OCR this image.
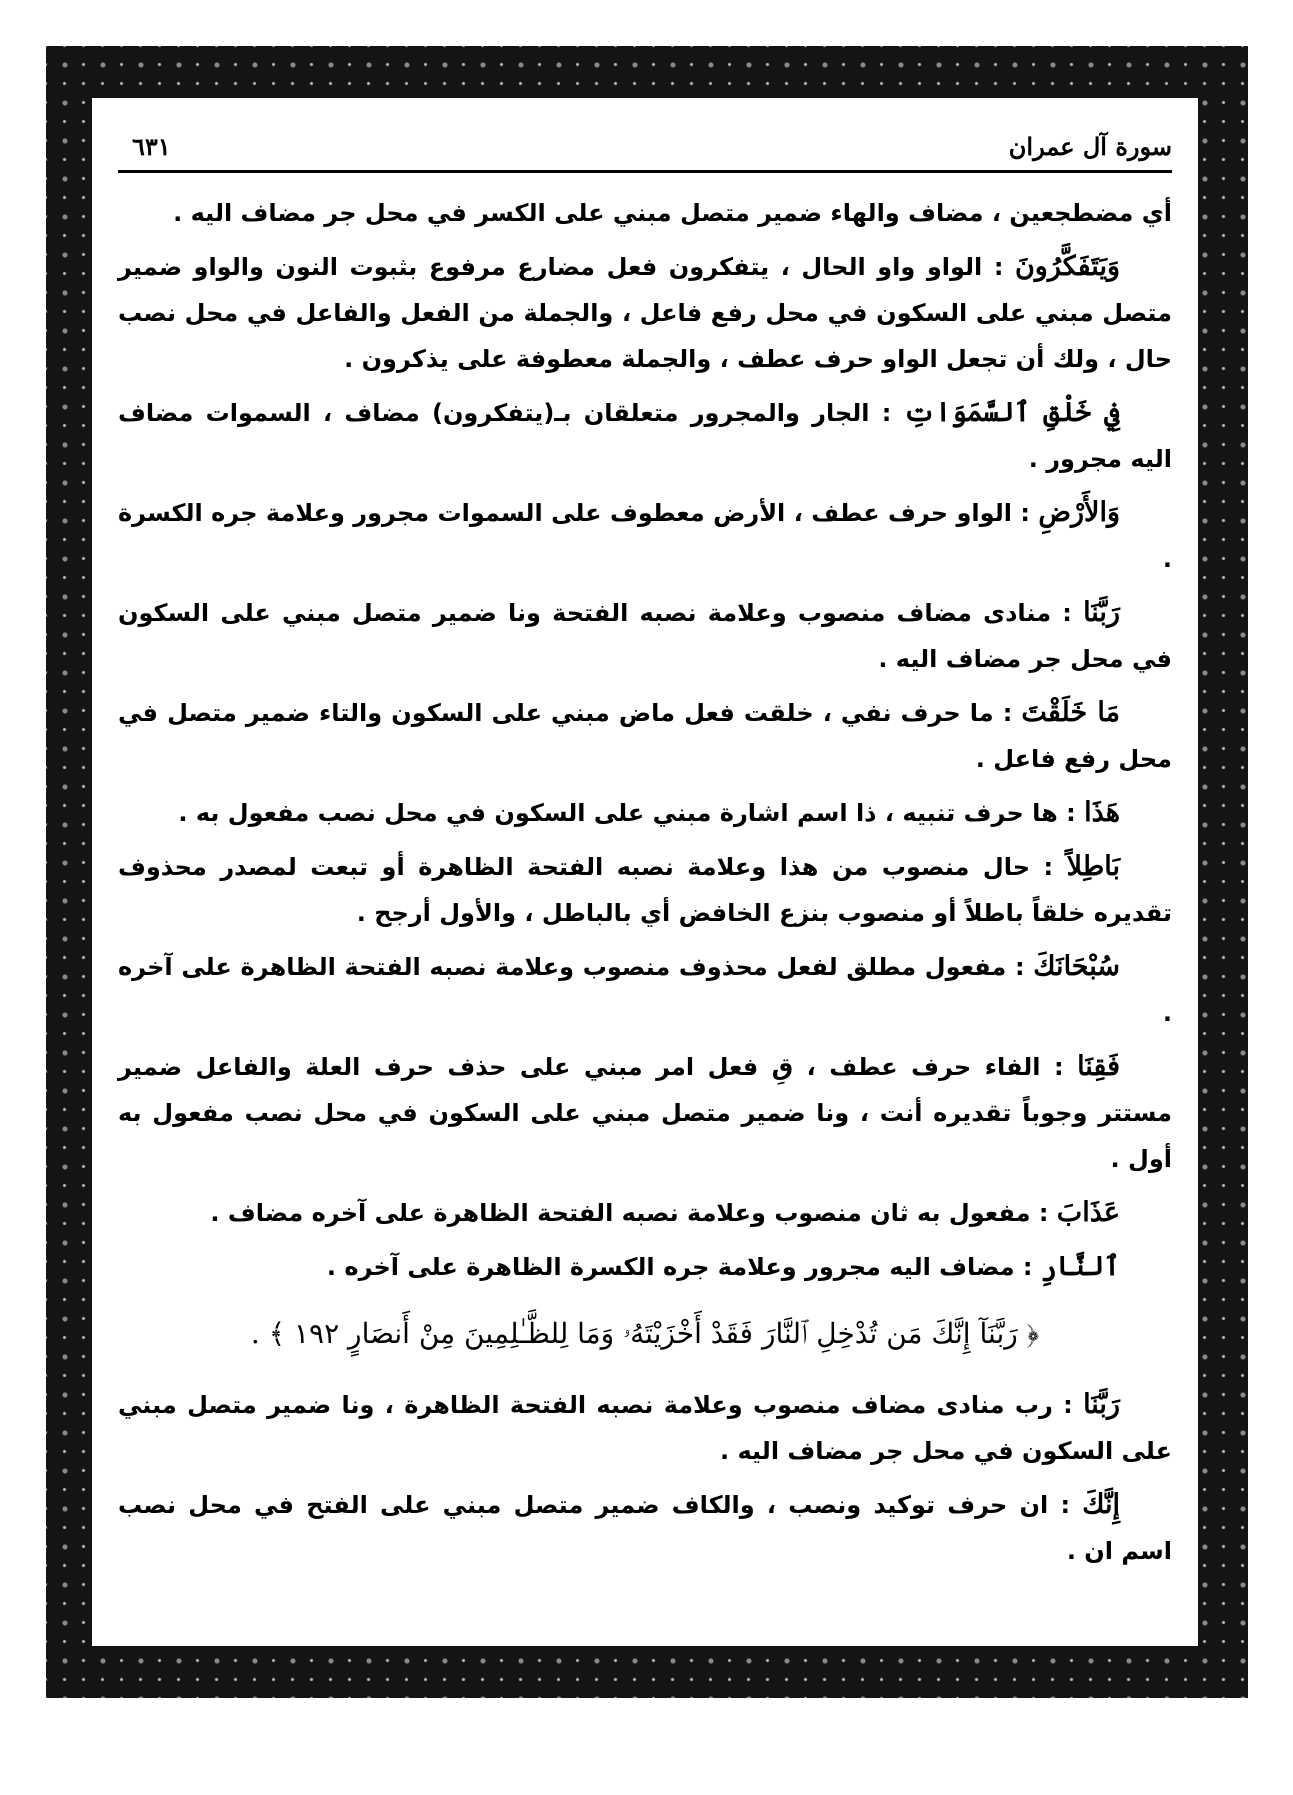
سورة آل عمران
٦٣١

أي مضطجعين ، مضاف والهاء ضمير متصل مبني على الكسر في محل جر مضاف اليه .

وَيَتَفَكَّرُونَ : الواو واو الحال ، يتفكرون فعل مضارع مرفوع بثبوت النون والواو ضمير متصل مبني على السكون في محل رفع فاعل ، والجملة من الفعل والفاعل في محل نصب حال ، ولك أن تجعل الواو حرف عطف ، والجملة معطوفة على يذكرون .

فِي خَلْقِ ٱلسَّمَوَاتِ : الجار والمجرور متعلقان بـ(يتفكرون) مضاف ، السموات مضاف اليه مجرور .

وَالأَرْضِ : الواو حرف عطف ، الأرض معطوف على السموات مجرور وعلامة جره الكسرة .

رَبَّنَا : منادى مضاف منصوب وعلامة نصبه الفتحة ونا ضمير متصل مبني على السكون في محل جر مضاف اليه .

مَا خَلَقْتَ : ما حرف نفي ، خلقت فعل ماض مبني على السكون والتاء ضمير متصل في محل رفع فاعل .

هَذَا : ها حرف تنبيه ، ذا اسم اشارة مبني على السكون في محل نصب مفعول به .

بَاطِلاً : حال منصوب من هذا وعلامة نصبه الفتحة الظاهرة أو تبعت لمصدر محذوف تقديره خلقاً باطلاً أو منصوب بنزع الخافض أي بالباطل ، والأول أرجح .

سُبْحَانَكَ : مفعول مطلق لفعل محذوف منصوب وعلامة نصبه الفتحة الظاهرة على آخره .

فَقِنَا : الفاء حرف عطف ، قِ فعل امر مبني على حذف حرف العلة والفاعل ضمير مستتر وجوباً تقديره أنت ، ونا ضمير متصل مبني على السكون في محل نصب مفعول به أول .

عَذَابَ : مفعول به ثان منصوب وعلامة نصبه الفتحة الظاهرة على آخره مضاف .

ٱلنَّارِ : مضاف اليه مجرور وعلامة جره الكسرة الظاهرة على آخره .

﴿ رَبَّنَآ إِنَّكَ مَن تُدْخِلِ ٱلنَّارَ فَقَدْ أَخْزَيْتَهُۥ وَمَا لِلظَّـٰلِمِينَ مِنْ أَنصَارٍ ١٩٢ ﴾ .

رَبَّنَا : رب منادى مضاف منصوب وعلامة نصبه الفتحة الظاهرة ، ونا ضمير متصل مبني على السكون في محل جر مضاف اليه .

إِنَّكَ : ان حرف توكيد ونصب ، والكاف ضمير متصل مبني على الفتح في محل نصب اسم ان .
